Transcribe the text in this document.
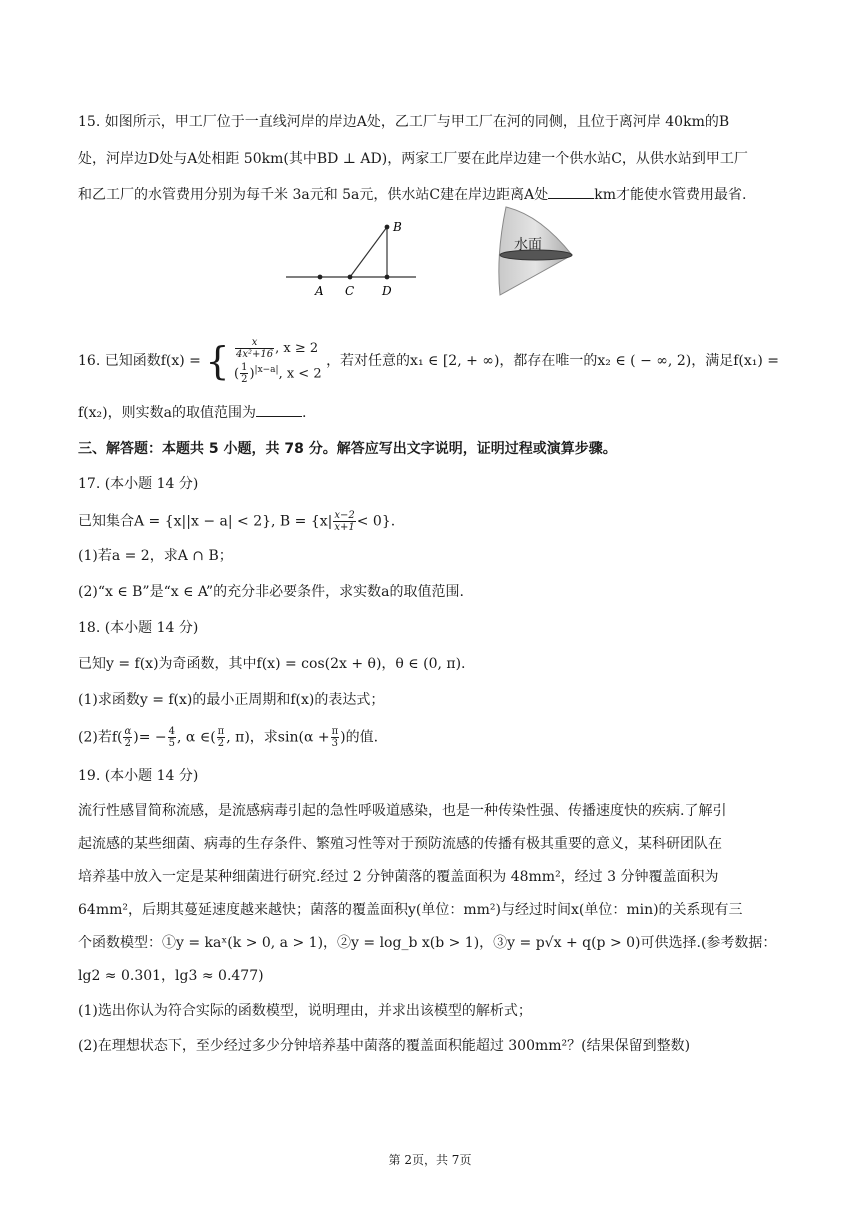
15. 如图所示，甲工厂位于一直线河岸的岸边A处，乙工厂与甲工厂在河的同侧，且位于离河岸 40km的B
处，河岸边D处与A处相距 50km(其中BD ⊥ AD)，两家工厂要在此岸边建一个供水站C，从供水站到甲工厂
和乙工厂的水管费用分别为每千米 3a元和 5a元，供水站C建在岸边距离A处	km才能使水管费用最省.
A C D
B
水面
16. 已知函数f(x) = { $\frac{x}{\text{4x²+16}}$ , x ≥ 2
( $\frac{1}{2} )^{|x-a|}$, x < 2
，若对任意的x₁ ∈ [2, + ∞)，都存在唯一的x₂ ∈ ( − ∞, 2)，满足f(x₁) =
f(x₂)，则实数a的取值范围为	.
三、解答题：本题共 5 小题，共 78 分。解答应写出文字说明，证明过程或演算步骤。
17. (本小题 14 分)
已知集合A = {x||x − a| < 2}, $B = \{x| \frac{x-2}{x+1} < 0\}$.
(1)若a = 2，求A ∩ B；
(2)“x ∈ B”是“x ∈ A”的充分非必要条件，求实数a的取值范围.
18. (本小题 14 分)
已知y = f(x)为奇函数，其中f(x) = cos(2x + θ)，θ ∈ (0, π).
(1)求函数y = f(x)的最小正周期和f(x)的表达式；
(2)若$f( \frac{\alpha}{2}$ )= − $\frac{4}{5}$ , α ∈( $\frac{\pi}{2}$ , π)，求$\sin(\alpha + \frac{\pi}{3}$ )的值.
19. (本小题 14 分)
流行性感冒简称流感，是流感病毒引起的急性呼吸道感染，也是一种传染性强、传播速度快的疾病.了解引
起流感的某些细菌、病毒的生存条件、繁殖习性等对于预防流感的传播有极其重要的意义，某科研团队在
培养基中放入一定是某种细菌进行研究.经过 2 分钟菌落的覆盖面积为 48mm²，经过 3 分钟覆盖面积为
64mm²，后期其蔓延速度越来越快；菌落的覆盖面积y(单位：mm²)与经过时间x(单位：min)的关系现有三
个函数模型：①y = kaˣ(k > 0, a > 1)，②y = log_b x(b > 1)，③y = p√x + q(p > 0)可供选择.(参考数据：
lg2 ≈ 0.301，lg3 ≈ 0.477)
(1)选出你认为符合实际的函数模型，说明理由，并求出该模型的解析式；
(2)在理想状态下，至少经过多少分钟培养基中菌落的覆盖面积能超过 300mm²？(结果保留到整数)
第 2页，共 7页
